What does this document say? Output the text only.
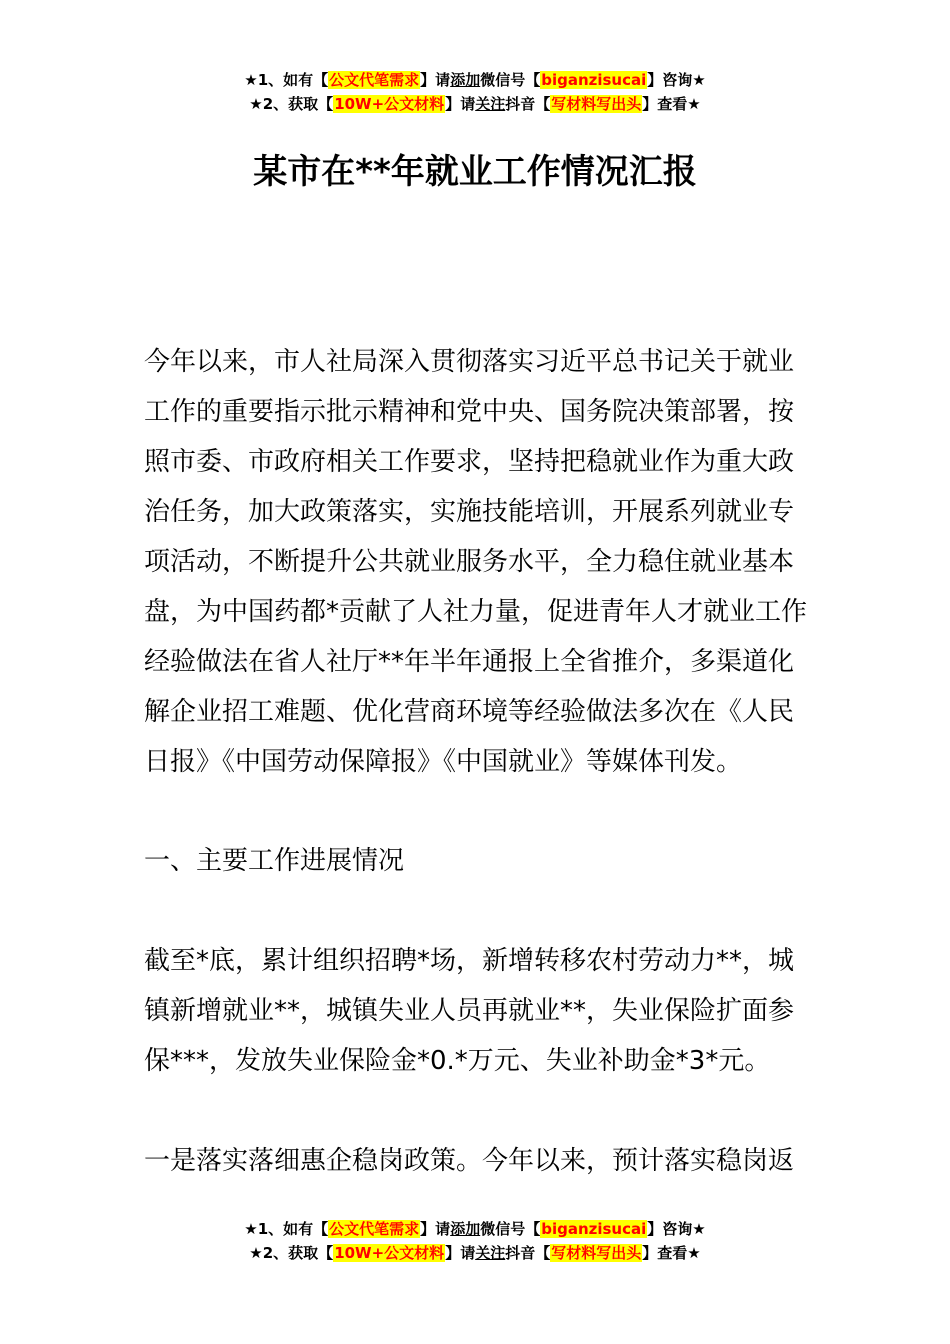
★1、如有【公文代笔需求】请添加微信号【biganzisucai】咨询★
★2、获取【10W+公文材料】请关注抖音【写材料写出头】查看★
某市在**年就业工作情况汇报
今年以来，市人社局深入贯彻落实习近平总书记关于就业
工作的重要指示批示精神和党中央、国务院决策部署，按
照市委、市政府相关工作要求，坚持把稳就业作为重大政
治任务，加大政策落实，实施技能培训，开展系列就业专
项活动，不断提升公共就业服务水平，全力稳住就业基本
盘，为中国药都*贡献了人社力量，促进青年人才就业工作
经验做法在省人社厅**年半年通报上全省推介，多渠道化
解企业招工难题、优化营商环境等经验做法多次在《人民
日报》《中国劳动保障报》《中国就业》等媒体刊发。
一、主要工作进展情况
截至*底，累计组织招聘*场，新增转移农村劳动力**，城
镇新增就业**，城镇失业人员再就业**，失业保险扩面参
保***，发放失业保险金*0.*万元、失业补助金*3*元。
一是落实落细惠企稳岗政策。今年以来，预计落实稳岗返
★1、如有【公文代笔需求】请添加微信号【biganzisucai】咨询★
★2、获取【10W+公文材料】请关注抖音【写材料写出头】查看★
